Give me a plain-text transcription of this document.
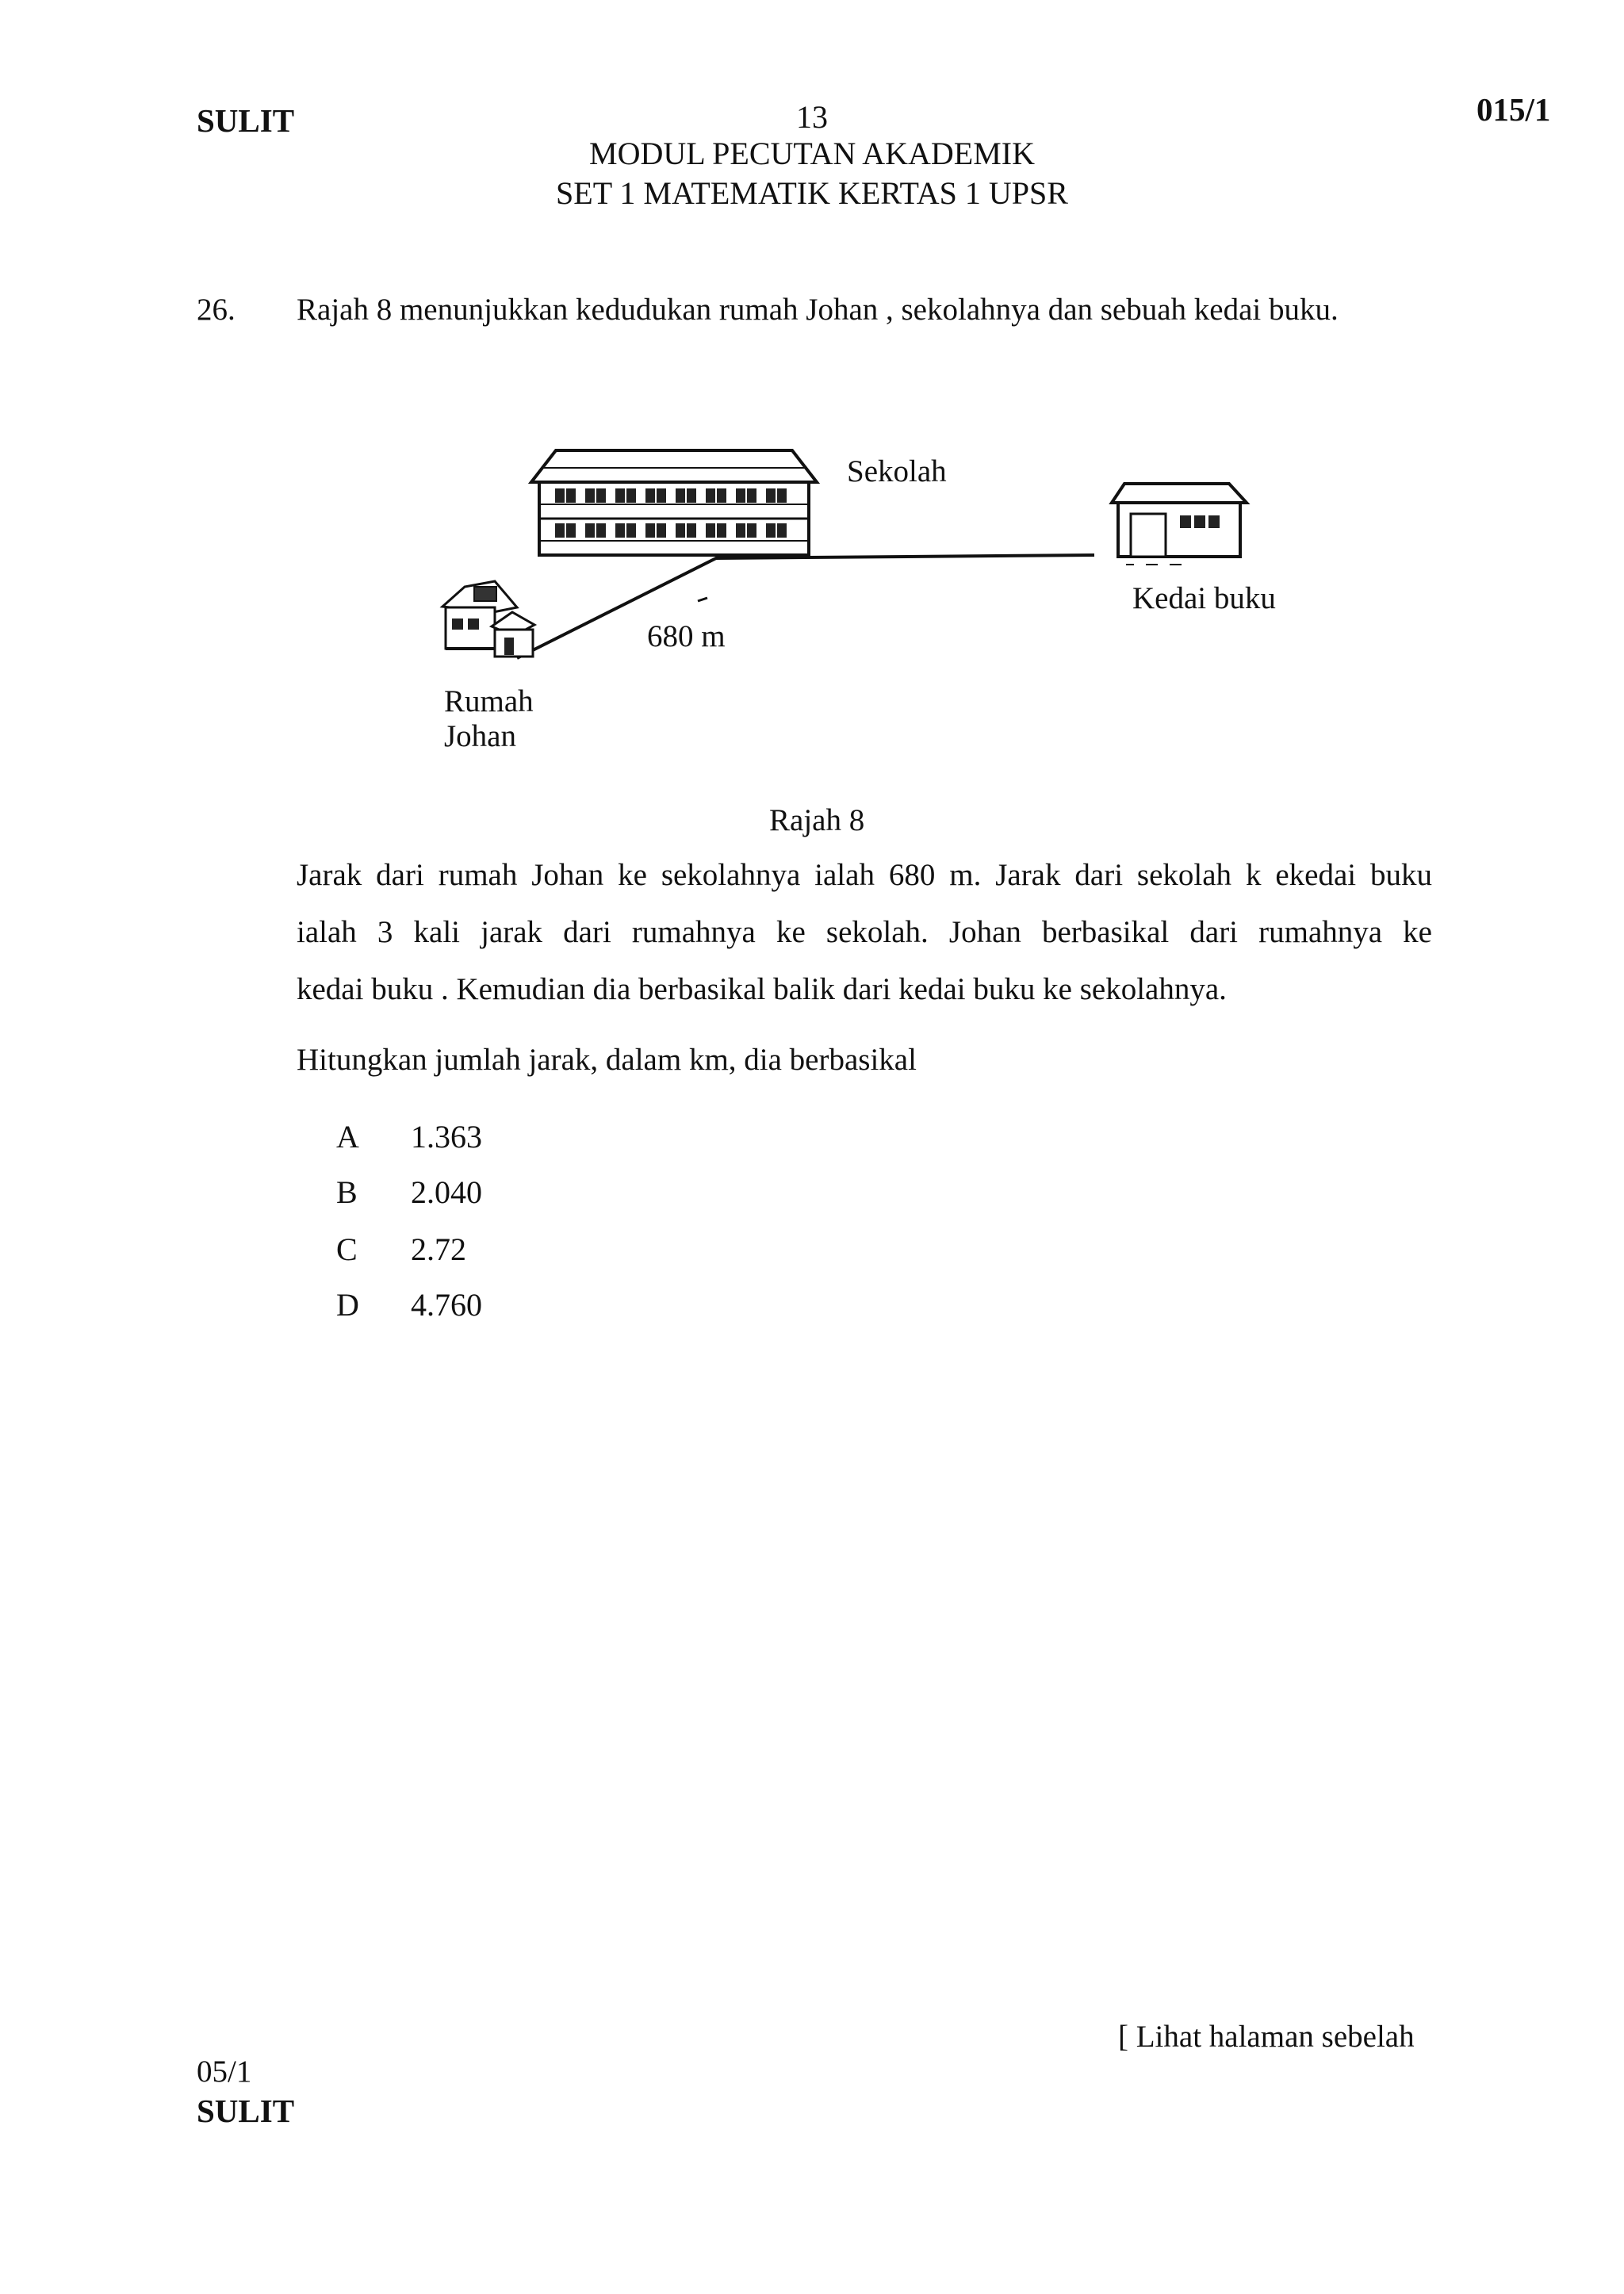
SULIT	13	015/1
MODUL PECUTAN AKADEMIK
SET 1 MATEMATIK KERTAS 1 UPSR
26. Rajah 8 menunjukkan kedudukan rumah Johan , sekolahnya dan sebuah kedai buku.
Sekolah
Kedai buku
680 m
Rumah
Johan
Rajah 8
Jarak dari rumah Johan ke sekolahnya ialah 680 m. Jarak dari sekolah k ekedai buku
ialah 3 kali jarak dari rumahnya ke sekolah. Johan berbasikal dari rumahnya ke
kedai buku . Kemudian dia berbasikal balik dari kedai buku ke sekolahnya.
Hitungkan jumlah jarak, dalam km, dia berbasikal
A 1.363
B 2.040
C 2.72
D 4.760
[ Lihat halaman sebelah
05/1
SULIT
